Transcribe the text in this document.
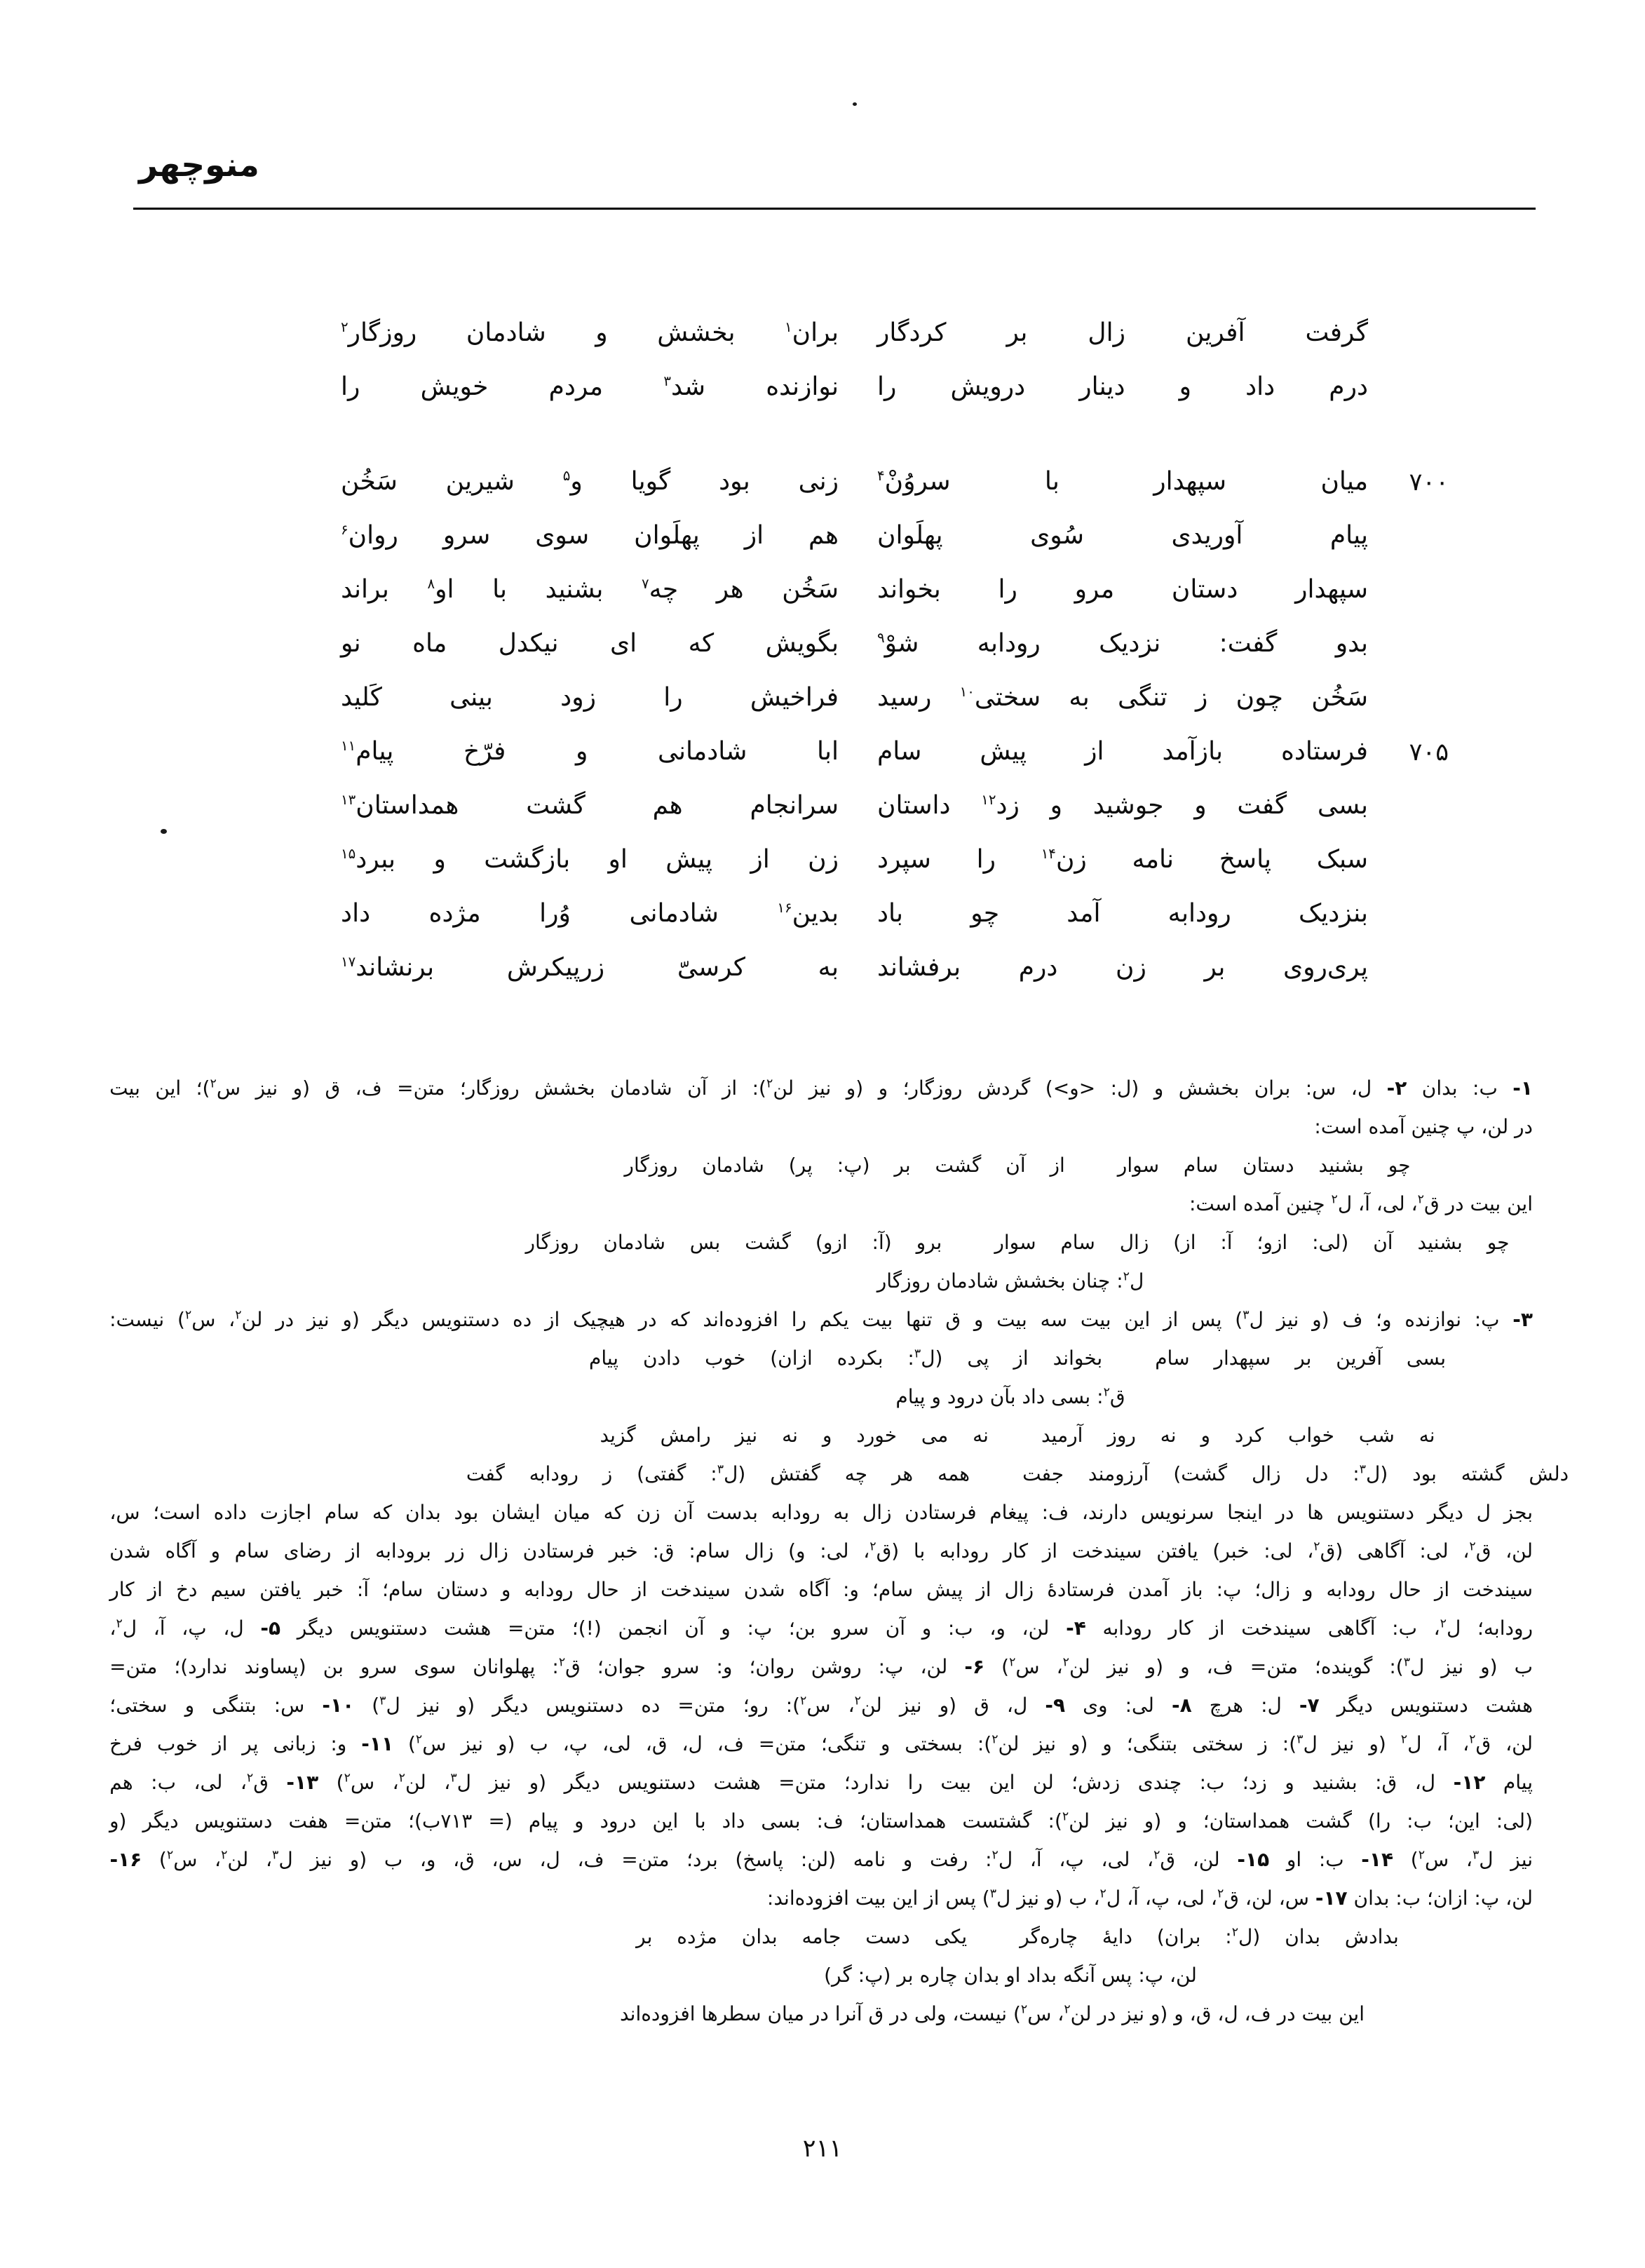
منوچهر
گرفت
آفرین
زال
بر
کردگار
بران$^۱$
بخشش
و
شادمان
روزگار$^۲$
درم
داد
و
دینار
درویش
را
نوازنده
شد$^۳$
مردم
خویش
را
۷۰۰
میان
سپهدار
با
سروُنْ$^۴$
زنی
بود
گویا
و$^۵$
شیرین
سَخُن
پیام
آوریدی
سُوی
پهلَوان
هم
از
پهلَوان
سوی
سرو
روان$^۶$
سپهدار
دستان
مرو
را
بخواند
سَخُن
هر
چه$^۷$
بشنید
با
او$^۸$
براند
بدو
گفت:
نزدیک
رودابه
شوْ$^۹$
بگویش
که
ای
نیکدل
ماه
نو
سَخُن
چون
ز
تنگی
به
سختی$^{۱۰}$
رسید
فراخیش
را
زود
بینی
کَلید
۷۰۵
فرستاده
بازآمد
از
پیش
سام
ابا
شادمانی
و
فرّخ
پیام$^{۱۱}$
بسی
گفت
و
جوشید
و
زد$^{۱۲}$
داستان
سرانجام
هم
گشت
همداستان$^{۱۳}$
سبک
پاسخ
نامه
زن$^{۱۴}$
را
سپرد
زن
از
پیش
او
بازگشت
و
ببرد$^{۱۵}$
بنزدیک
رودابه
آمد
چو
باد
بدین$^{۱۶}$
شادمانی
وُرا
مژده
داد
پری‌روی
بر
زن
درم
برفشاند
به
کرسیّ
زرپیکرش
برنشاند$^{۱۷}$
۱-
ب:
بدان
۲-
ل،
س:
بران
بخشش
و
(ل:
<و>)
گردش
روزگار؛
و
(و
نیز
لن$^۲$):
از
آن
شادمان
بخشش
روزگار؛
متن=
ف،
ق
(و
نیز
س$^۲$)؛
این
بیت
در لن، پ چنین آمده است:
چو بشنید دستان سام سوار
از آن گشت بر (پ: پر) شادمان روزگار
این بیت در ق$^۲$، لی، آ، ل$^۲$ چنین آمده است:
چو بشنید آن (لی: ازو؛ آ: از) زال سام سوار
برو (آ: ازو) گشت بس شادمان روزگار
ل$^۲$: چنان بخشش شادمان روزگار
۳-
پ:
نوازنده
و؛
ف
(و
نیز
ل$^۳$)
پس
از
این
بیت
سه
بیت
و
ق
تنها
بیت
یکم
را
افزوده‌اند
که
در
هیچیک
از
ده
دستنویس
دیگر
(و
نیز
در
لن$^۲$،
س$^۲$)
نیست:
بسی آفرین بر سپهدار سام
بخواند از پی (ل$^۳$: بکرده ازان) خوب دادن پیام
ق$^۲$: بسی داد بآن درود و پیام
نه شب خواب کرد و نه روز آرمید
نه می خورد و نه نیز رامش گزید
دلش گشته بود (ل$^۳$: دل زال گشت) آرزومند جفت
همه هر چه گفتش (ل$^۳$: گفتی) ز رودابه گفت
بجز
ل
دیگر
دستنویس
ها
در
اینجا
سرنویس
دارند،
ف:
پیغام
فرستادن
زال
به
رودابه
بدست
آن
زن
که
میان
ایشان
بود
بدان
که
سام
اجازت
داده
است؛
س،
لن،
ق$^۲$،
لی:
آگاهی
(ق$^۲$،
لی:
خبر)
یافتن
سیندخت
از
کار
رودابه
با
(ق$^۲$،
لی:
و)
زال
سام:
ق:
خبر
فرستادن
زال
زر
برودابه
از
رضای
سام
و
آگاه
شدن
سیندخت
از
حال
رودابه
و
زال؛
پ:
باز
آمدن
فرستادهٔ
زال
از
پیش
سام؛
و:
آگاه
شدن
سیندخت
از
حال
رودابه
و
دستان
سام؛
آ:
خبر
یافتن
سیم
دخ
از
کار
رودابه؛
ل$^۲$،
ب:
آگاهی
سیندخت
از
کار
رودابه
۴-
لن،
و،
ب:
و
آن
سرو
بن؛
پ:
و
آن
انجمن
(!)؛
متن=
هشت
دستنویس
دیگر
۵-
ل،
پ،
آ،
ل$^۲$،
ب
(و
نیز
ل$^۳$):
گوینده؛
متن=
ف،
و
(و
نیز
لن$^۲$،
س$^۲$)
۶-
لن،
پ:
روشن
روان؛
و:
سرو
جوان؛
ق$^۲$:
پهلوانان
سوی
سرو
بن
(پساوند
ندارد)؛
متن=
هشت
دستنویس
دیگر
۷-
ل:
هرچ
۸-
لی:
وی
۹-
ل،
ق
(و
نیز
لن$^۲$،
س$^۲$):
رو؛
متن=
ده
دستنویس
دیگر
(و
نیز
ل$^۳$)
۱۰-
س:
بتنگی
و
سختی؛
لن،
ق$^۲$،
آ،
ل$^۲$
(و
نیز
ل$^۳$):
ز
سختی
بتنگی؛
و
(و
نیز
لن$^۲$):
بسختی
و
تنگی؛
متن=
ف،
ل،
ق،
لی،
پ،
ب
(و
نیز
س$^۲$)
۱۱-
و:
زبانی
پر
از
خوب
فرخ
پیام
۱۲-
ل،
ق:
بشنید
و
زد؛
ب:
چندی
زدش؛
لن
این
بیت
را
ندارد؛
متن=
هشت
دستنویس
دیگر
(و
نیز
ل$^۳$،
لن$^۲$،
س$^۲$)
۱۳-
ق$^۲$،
لی،
ب:
هم
(لی:
این؛
ب:
را)
گشت
همداستان؛
و
(و
نیز
لن$^۲$):
گشتست
همداستان؛
ف:
بسی
داد
با
این
درود
و
پیام
(=
۷۱۳ب)؛
متن=
هفت
دستنویس
دیگر
(و
نیز
ل$^۳$،
س$^۲$)
۱۴-
ب:
او
۱۵-
لن،
ق$^۲$،
لی،
پ،
آ،
ل$^۲$:
رفت
و
نامه
(لن:
پاسخ)
برد؛
متن=
ف،
ل،
س،
ق،
و،
ب
(و
نیز
ل$^۳$،
لن$^۲$،
س$^۲$)
۱۶-
لن، پ: ازان؛ ب: بدان ۱۷- س، لن، ق$^۲$، لی، پ، آ، ل$^۲$، ب (و نیز ل$^۳$) پس از این بیت افزوده‌اند:
بدادش بدان (ل$^۲$: بران) دایهٔ چاره‌گر
یکی دست جامه بدان مژده بر
لن، پ: پس آنگه بداد او بدان چاره بر (پ: گر)
این بیت در ف، ل، ق، و (و نیز در لن$^۲$، س$^۲$) نیست، ولی در ق آنرا در میان سطرها افزوده‌اند
۲۱۱
